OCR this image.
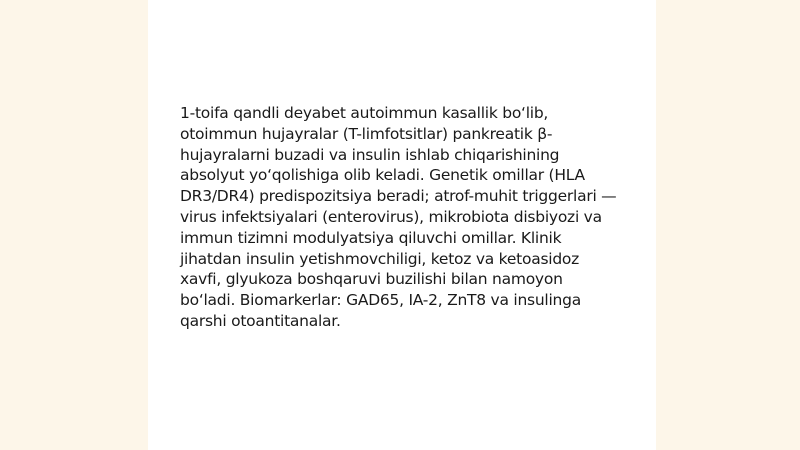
1-toifa qandli deyabet autoimmun kasallik bo‘lib, otoimmun hujayralar (T-limfotsitlar) pankreatik β-hujayralarni buzadi va insulin ishlab chiqarishining absolyut yo‘qolishiga olib keladi. Genetik omillar (HLA DR3/DR4) predispozitsiya beradi; atrof-muhit triggerlari — virus infektsiyalari (enterovirus), mikrobiota disbiyozi va immun tizimni modulyatsiya qiluvchi omillar. Klinik jihatdan insulin yetishmovchiligi, ketoz va ketoasidoz xavfi, glyukoza boshqaruvi buzilishi bilan namoyon bo‘ladi. Biomarkerlar: GAD65, IA-2, ZnT8 va insulinga qarshi otoantitanalar.
